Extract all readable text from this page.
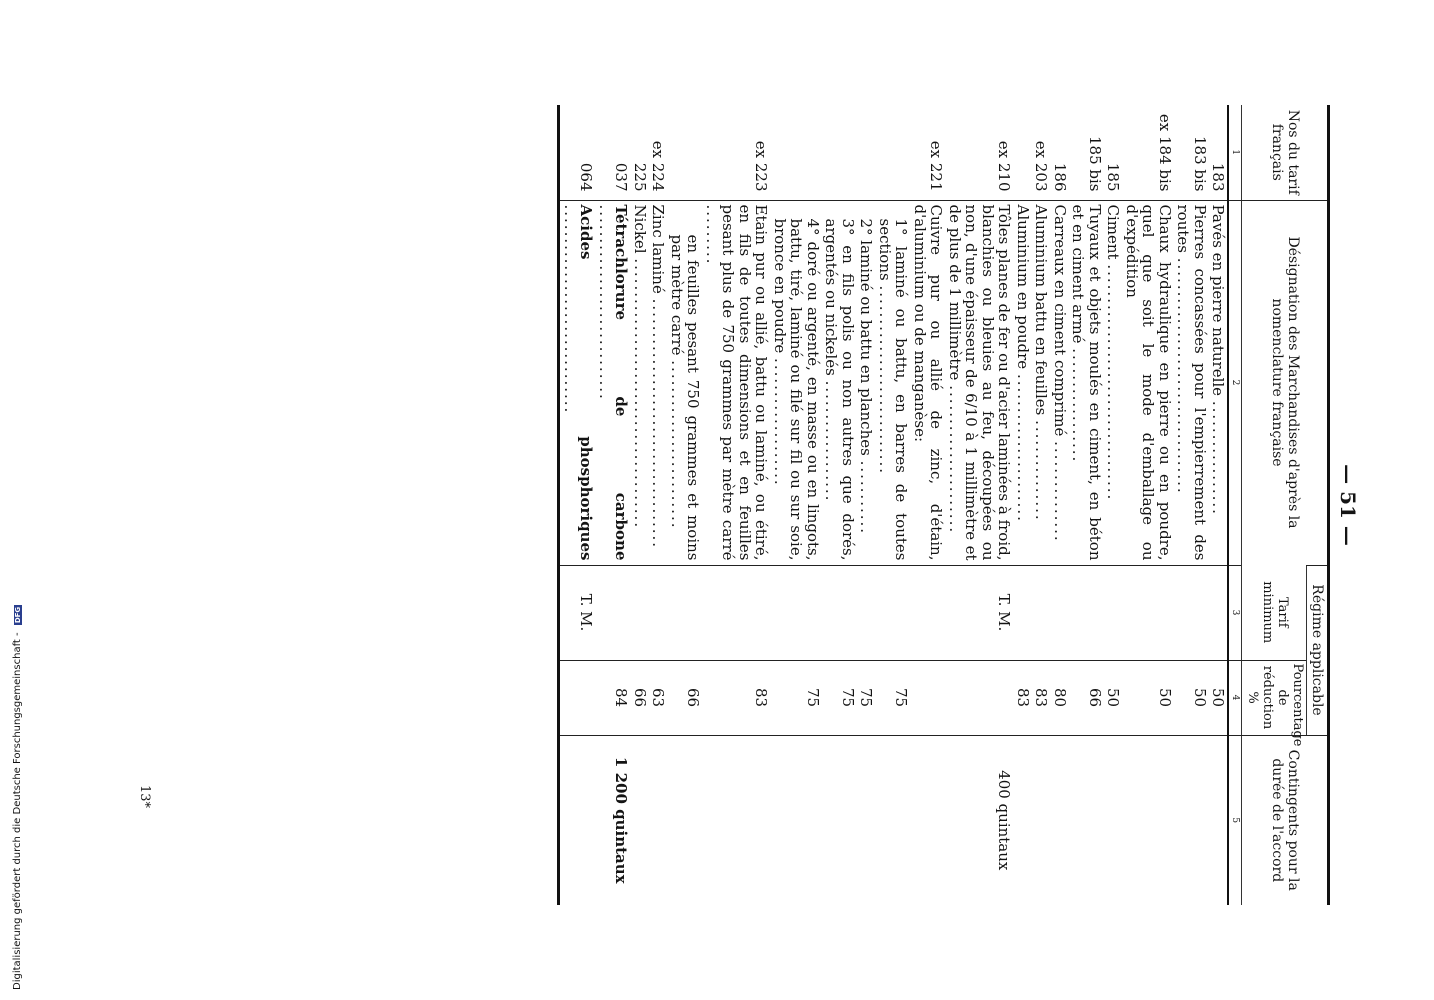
Digitalisierung gefördert durch die Deutsche Forschungsgemeinschaft - DFG
— 51 —
Nos du tarif français	Désignation des Marchandises d'après la nomenclature française	Régime applicable		Contingents pour la durée de l'accord
		Tarif minimum	Pourcentage de réduction %	
1	2	3	4	5
183	Pavés en pierre naturelle .................		50	
183 bis	Pierres concassées pour l'empierrement des routes ...................................		50	
ex 184 bis	Chaux hydraulique en pierre ou en poudre, quel que soit le mode d'emballage ou d'expédition		50	
185	Ciment ...................................		50	
185 bis	Tuyaux et objets moulés en ciment, en béton et en ciment armé .................		66	
186	Carreaux en ciment comprimé ...............		80	
ex 203	Aluminium battu en feuilles ...............		83	
	Aluminium en poudre ......................		83	
ex 210	Tôles planes de fer ou d'acier laminées à froid, blanchies ou bleuies au feu, découpées ou non, d'une épaisseur de 6/10 à 1 millimètre et de plus de 1 millimètre ......................	T. M.		400 quintaux
ex 221	Cuivre pur ou allié de zinc, d'étain, d'aluminium ou de manganèse:			
	1° laminé ou battu, en barres de toutes sections ............................		75	
	2° laminé ou battu en planches ...........		75	
	3° en fils polis ou non autres que dorés, argentés ou nickelés ..................		75	
	4° doré ou argenté, en masse ou en lingots, battu, tiré, laminé ou filé sur fil ou sur soie, bronce en poudre ...................		75	
ex 223	Etain pur ou allié, battu ou laminé, ou étiré, en fils de toutes dimensions et en feuilles pesant plus de 750 grammes par mètre carré .........		83	
	en feuilles pesant 750 grammes et moins par mètre carré .........................		66	
ex 224	Zinc laminé .....................................		63	
225	Nickel ........................................		66	
037	Tétrachlorure de carbone .............................		84	1 200 quintaux
064	Acides phosphoriques ...............................	T. M.		
13*
